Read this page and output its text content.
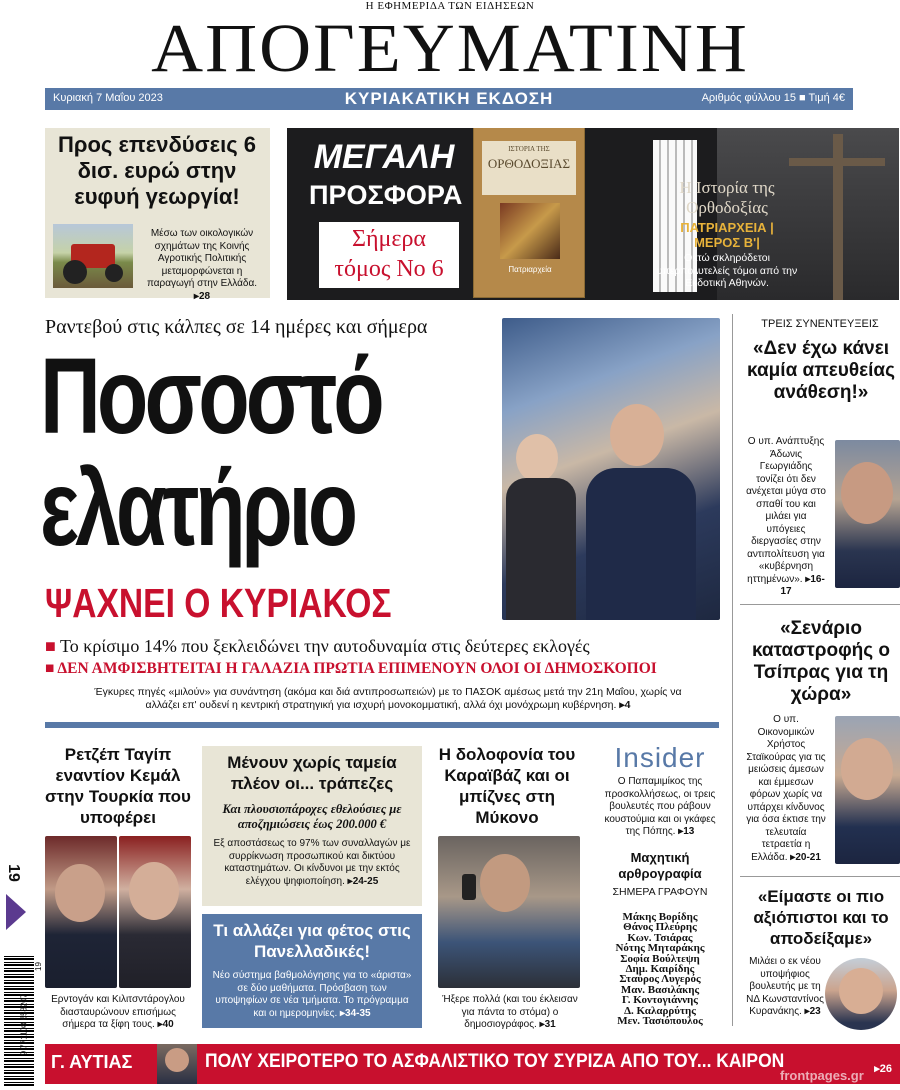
Η ΕΦΗΜΕΡΙΔΑ ΤΩΝ ΕΙΔΗΣΕΩΝ
ΑΠΟΓΕΥΜΑΤΙΝΗ
Κυριακή 7 Μαΐου 2023	ΚΥΡΙΑΚΑΤΙΚΗ ΕΚΔΟΣΗ	Αριθμός φύλλου 15 ■ Τιμή 4€
Προς επενδύσεις 6 δισ. ευρώ στην ευφυή γεωργία!
Μέσω των οικολογικών σχημάτων της Κοινής Αγροτικής Πολιτικής μεταμορφώνεται η παραγωγή στην Ελλάδα. ▸28
ΜΕΓΑΛΗ
ΠΡΟΣΦΟΡΑ
Σήμερα
τόμος Νο 6
ΙΣΤΟΡΙΑ ΤΗΣ
ΟΡΘΟΔΟΞΙΑΣ
Πατριαρχεία
Η Ιστορία της Ορθοδοξίας
ΠΑΤΡΙΑΡΧΕΙΑ | ΜΕΡΟΣ Β'|
Οκτώ σκληρόδετοι υπερπολυτελείς τόμοι από την Εκδοτική Αθηνών.
Ραντεβού στις κάλπες σε 14 ημέρες και σήμερα
Ποσοστό
ελατήριο
ΨΑΧΝΕΙ Ο ΚΥΡΙΑΚΟΣ
■ Το κρίσιμο 14% που ξεκλειδώνει την αυτοδυναμία στις δεύτερες εκλογές
■ ΔΕΝ ΑΜΦΙΣΒΗΤΕΙΤΑΙ Η ΓΑΛΑΖΙΑ ΠΡΩΤΙΑ ΕΠΙΜΕΝΟΥΝ ΟΛΟΙ ΟΙ ΔΗΜΟΣΚΟΠΟΙ
Έγκυρες πηγές «μιλούν» για συνάντηση (ακόμα και διά αντιπροσωπειών) με το ΠΑΣΟΚ αμέσως μετά την 21η Μαΐου, χωρίς να αλλάζει επ' ουδενί η κεντρική στρατηγική για ισχυρή μονοκομματική, αλλά όχι μονόχρωμη κυβέρνηση. ▸4
ΤΡΕΙΣ ΣΥΝΕΝΤΕΥΞΕΙΣ
«Δεν έχω κάνει καμία απευθείας ανάθεση!»
Ο υπ. Ανάπτυξης Άδωνις Γεωργιάδης τονίζει ότι δεν ανέχεται μύγα στο σπαθί του και μιλάει για υπόγειες διεργασίες στην αντιπολίτευση για «κυβέρνηση ηττημένων». ▸16-17
«Σενάριο καταστροφής ο Τσίπρας για τη χώρα»
Ο υπ. Οικονομικών Χρήστος Σταϊκούρας για τις μειώσεις άμεσων και έμμεσων φόρων χωρίς να υπάρχει κίνδυνος για όσα έκτισε την τελευταία τετραετία η Ελλάδα. ▸20-21
«Είμαστε οι πιο αξιόπιστοι και το αποδείξαμε»
Μιλάει ο εκ νέου υποψήφιος βουλευτής με τη ΝΔ Κωνσταντίνος Κυρανάκης. ▸23
Ρετζέπ Ταγίπ εναντίον Κεμάλ στην Τουρκία που υποφέρει
Ερντογάν και Κιλιτσντάρογλου διασταυρώνουν επισήμως σήμερα τα ξίφη τους. ▸40
Μένουν χωρίς ταμεία πλέον οι... τράπεζες
Και πλουσιοπάροχες εθελούσιες με αποζημιώσεις έως 200.000 €
Εξ αποστάσεως το 97% των συναλλαγών με συρρίκνωση προσωπικού και δικτύου καταστημάτων. Οι κίνδυνοι με την εκτός ελέγχου ψηφιοποίηση. ▸24-25
Τι αλλάζει για φέτος στις Πανελλαδικές!
Νέο σύστημα βαθμολόγησης για το «άριστα» σε δύο μαθήματα. Πρόσβαση των υποψηφίων σε νέα τμήματα. Το πρόγραμμα και οι ημερομηνίες. ▸34-35
Η δολοφονία του Καραϊβάζ και οι μπίζνες στη Μύκονο
Ήξερε πολλά (και του έκλεισαν για πάντα το στόμα) ο δημοσιογράφος. ▸31
Insider
Ο Παπαμιμίκος της προσκολλήσεως, οι τρεις βουλευτές που ράβουν κουστούμια και οι γκάφες της Πόπης. ▸13
Μαχητική αρθρογραφία
ΣΗΜΕΡΑ ΓΡΑΦΟΥΝ
Μάκης Βορίδης
Θάνος Πλεύρης
Κων. Τσιάρας
Νότης Μηταράκης
Σοφία Βούλτεψη
Δημ. Καιρίδης
Σταύρος Λυγερός
Μαν. Βασιλάκης
Γ. Κοντογιάννης
Δ. Καλαρρύτης
Μεν. Τασιόπουλος
19
9 771108 653207
19
Γ. ΑΥΤΙΑΣ	ΠΟΛΥ ΧΕΙΡΟΤΕΡΟ ΤΟ ΑΣΦΑΛΙΣΤΙΚΟ ΤΟΥ ΣΥΡΙΖΑ ΑΠΟ ΤΟΥ... ΚΑΙΡΟΝ	▸26
frontpages.gr
